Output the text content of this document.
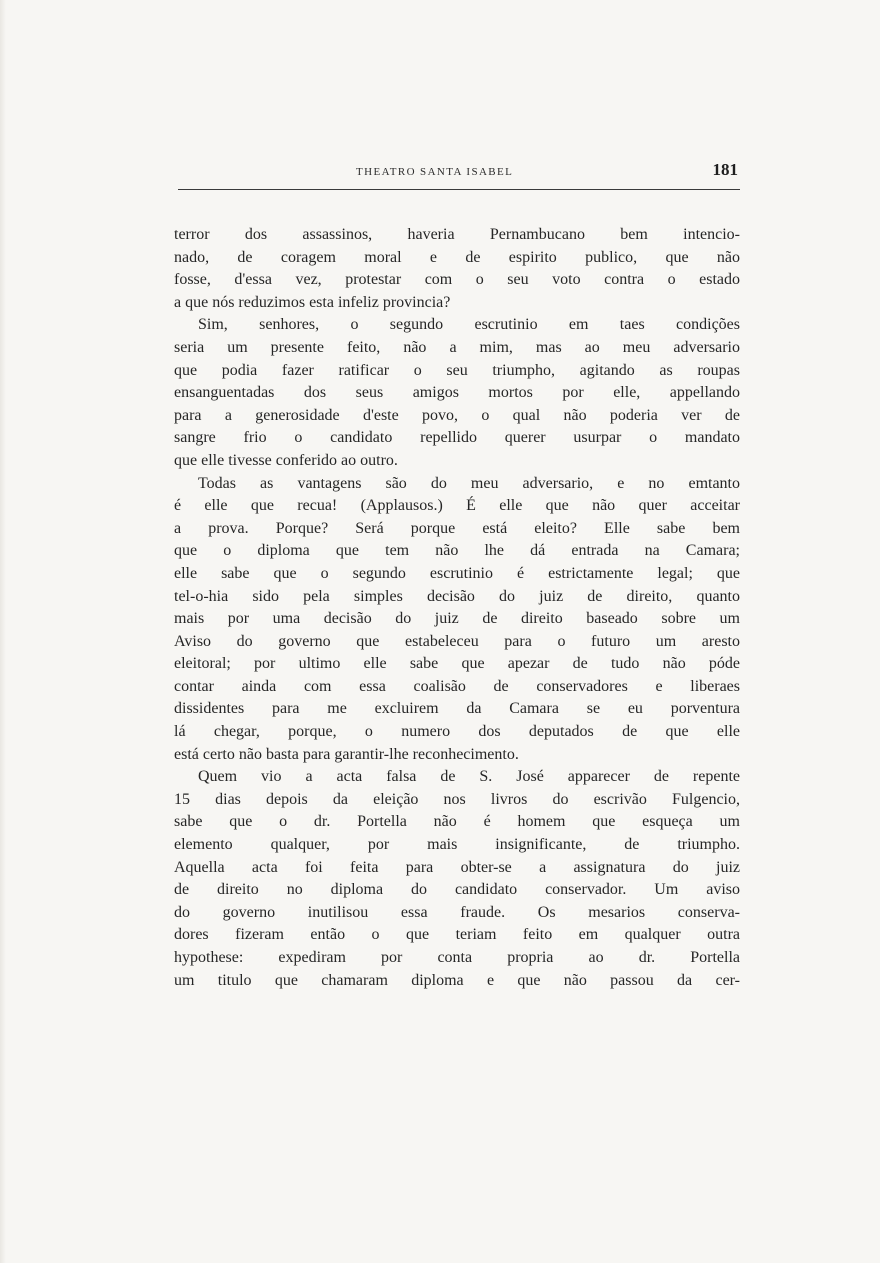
THEATRO SANTA ISABEL	181
terror dos assassinos, haveria Pernambucano bem intencio-
nado, de coragem moral e de espirito publico, que não
fosse, d'essa vez, protestar com o seu voto contra o estado
a que nós reduzimos esta infeliz provincia?
Sim, senhores, o segundo escrutinio em taes condições
seria um presente feito, não a mim, mas ao meu adversario
que podia fazer ratificar o seu triumpho, agitando as roupas
ensanguentadas dos seus amigos mortos por elle, appellando
para a generosidade d'este povo, o qual não poderia ver de
sangre frio o candidato repellido querer usurpar o mandato
que elle tivesse conferido ao outro.
Todas as vantagens são do meu adversario, e no emtanto
é elle que recua! (Applausos.) É elle que não quer acceitar
a prova. Porque? Será porque está eleito? Elle sabe bem
que o diploma que tem não lhe dá entrada na Camara;
elle sabe que o segundo escrutinio é estrictamente legal; que
tel-o-hia sido pela simples decisão do juiz de direito, quanto
mais por uma decisão do juiz de direito baseado sobre um
Aviso do governo que estabeleceu para o futuro um aresto
eleitoral; por ultimo elle sabe que apezar de tudo não póde
contar ainda com essa coalisão de conservadores e liberaes
dissidentes para me excluirem da Camara se eu porventura
lá chegar, porque, o numero dos deputados de que elle
está certo não basta para garantir-lhe reconhecimento.
Quem vio a acta falsa de S. José apparecer de repente
15 dias depois da eleição nos livros do escrivão Fulgencio,
sabe que o dr. Portella não é homem que esqueça um
elemento qualquer, por mais insignificante, de triumpho.
Aquella acta foi feita para obter-se a assignatura do juiz
de direito no diploma do candidato conservador. Um aviso
do governo inutilisou essa fraude. Os mesarios conserva-
dores fizeram então o que teriam feito em qualquer outra
hypothese: expediram por conta propria ao dr. Portella
um titulo que chamaram diploma e que não passou da cer-
